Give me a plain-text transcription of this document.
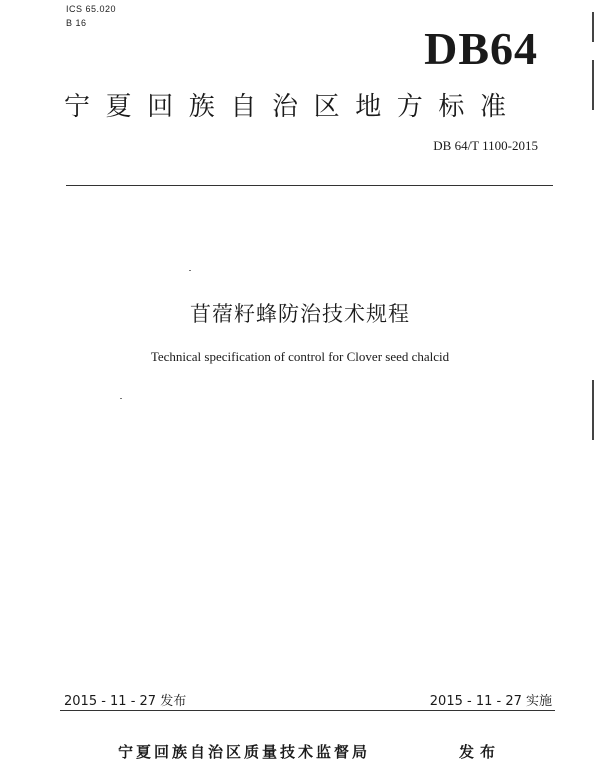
ICS 65.020
B 16	DB64
宁夏回族自治区地方标准
DB 64/T 1100-2015
苜蓿籽蜂防治技术规程
Technical specification of control for Clover seed chalcid
2015 - 11 - 27 发布	2015 - 11 - 27 实施
宁夏回族自治区质量技术监督局	发布
